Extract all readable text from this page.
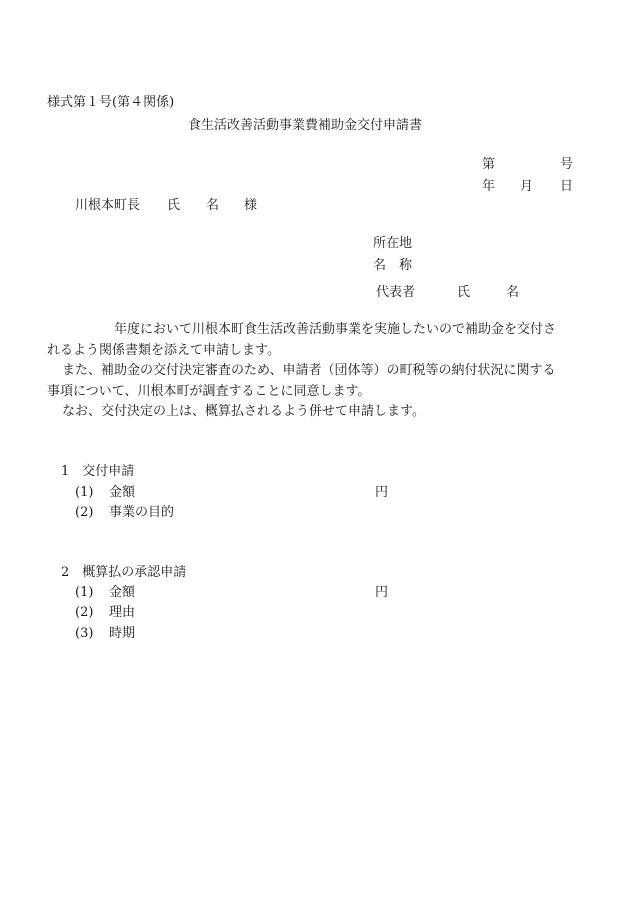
様式第１号(第４関係)
食生活改善活動事業費補助金交付申請書
第	号
年 月 日
川根本町長 氏 名 様
所在地
名　称
代表者	氏	名
年度において川根本町食生活改善活動事業を実施したいので補助金を交付さ
れるよう関係書類を添えて申請します。
また、補助金の交付決定審査のため、申請者（団体等）の町税等の納付状況に関する
事項について、川根本町が調査することに同意します。
なお、交付決定の上は、概算払されるよう併せて申請します。
1　交付申請
(1) 金額	円
(2) 事業の目的
2　概算払の承認申請
(1) 金額	円
(2) 理由
(3) 時期
